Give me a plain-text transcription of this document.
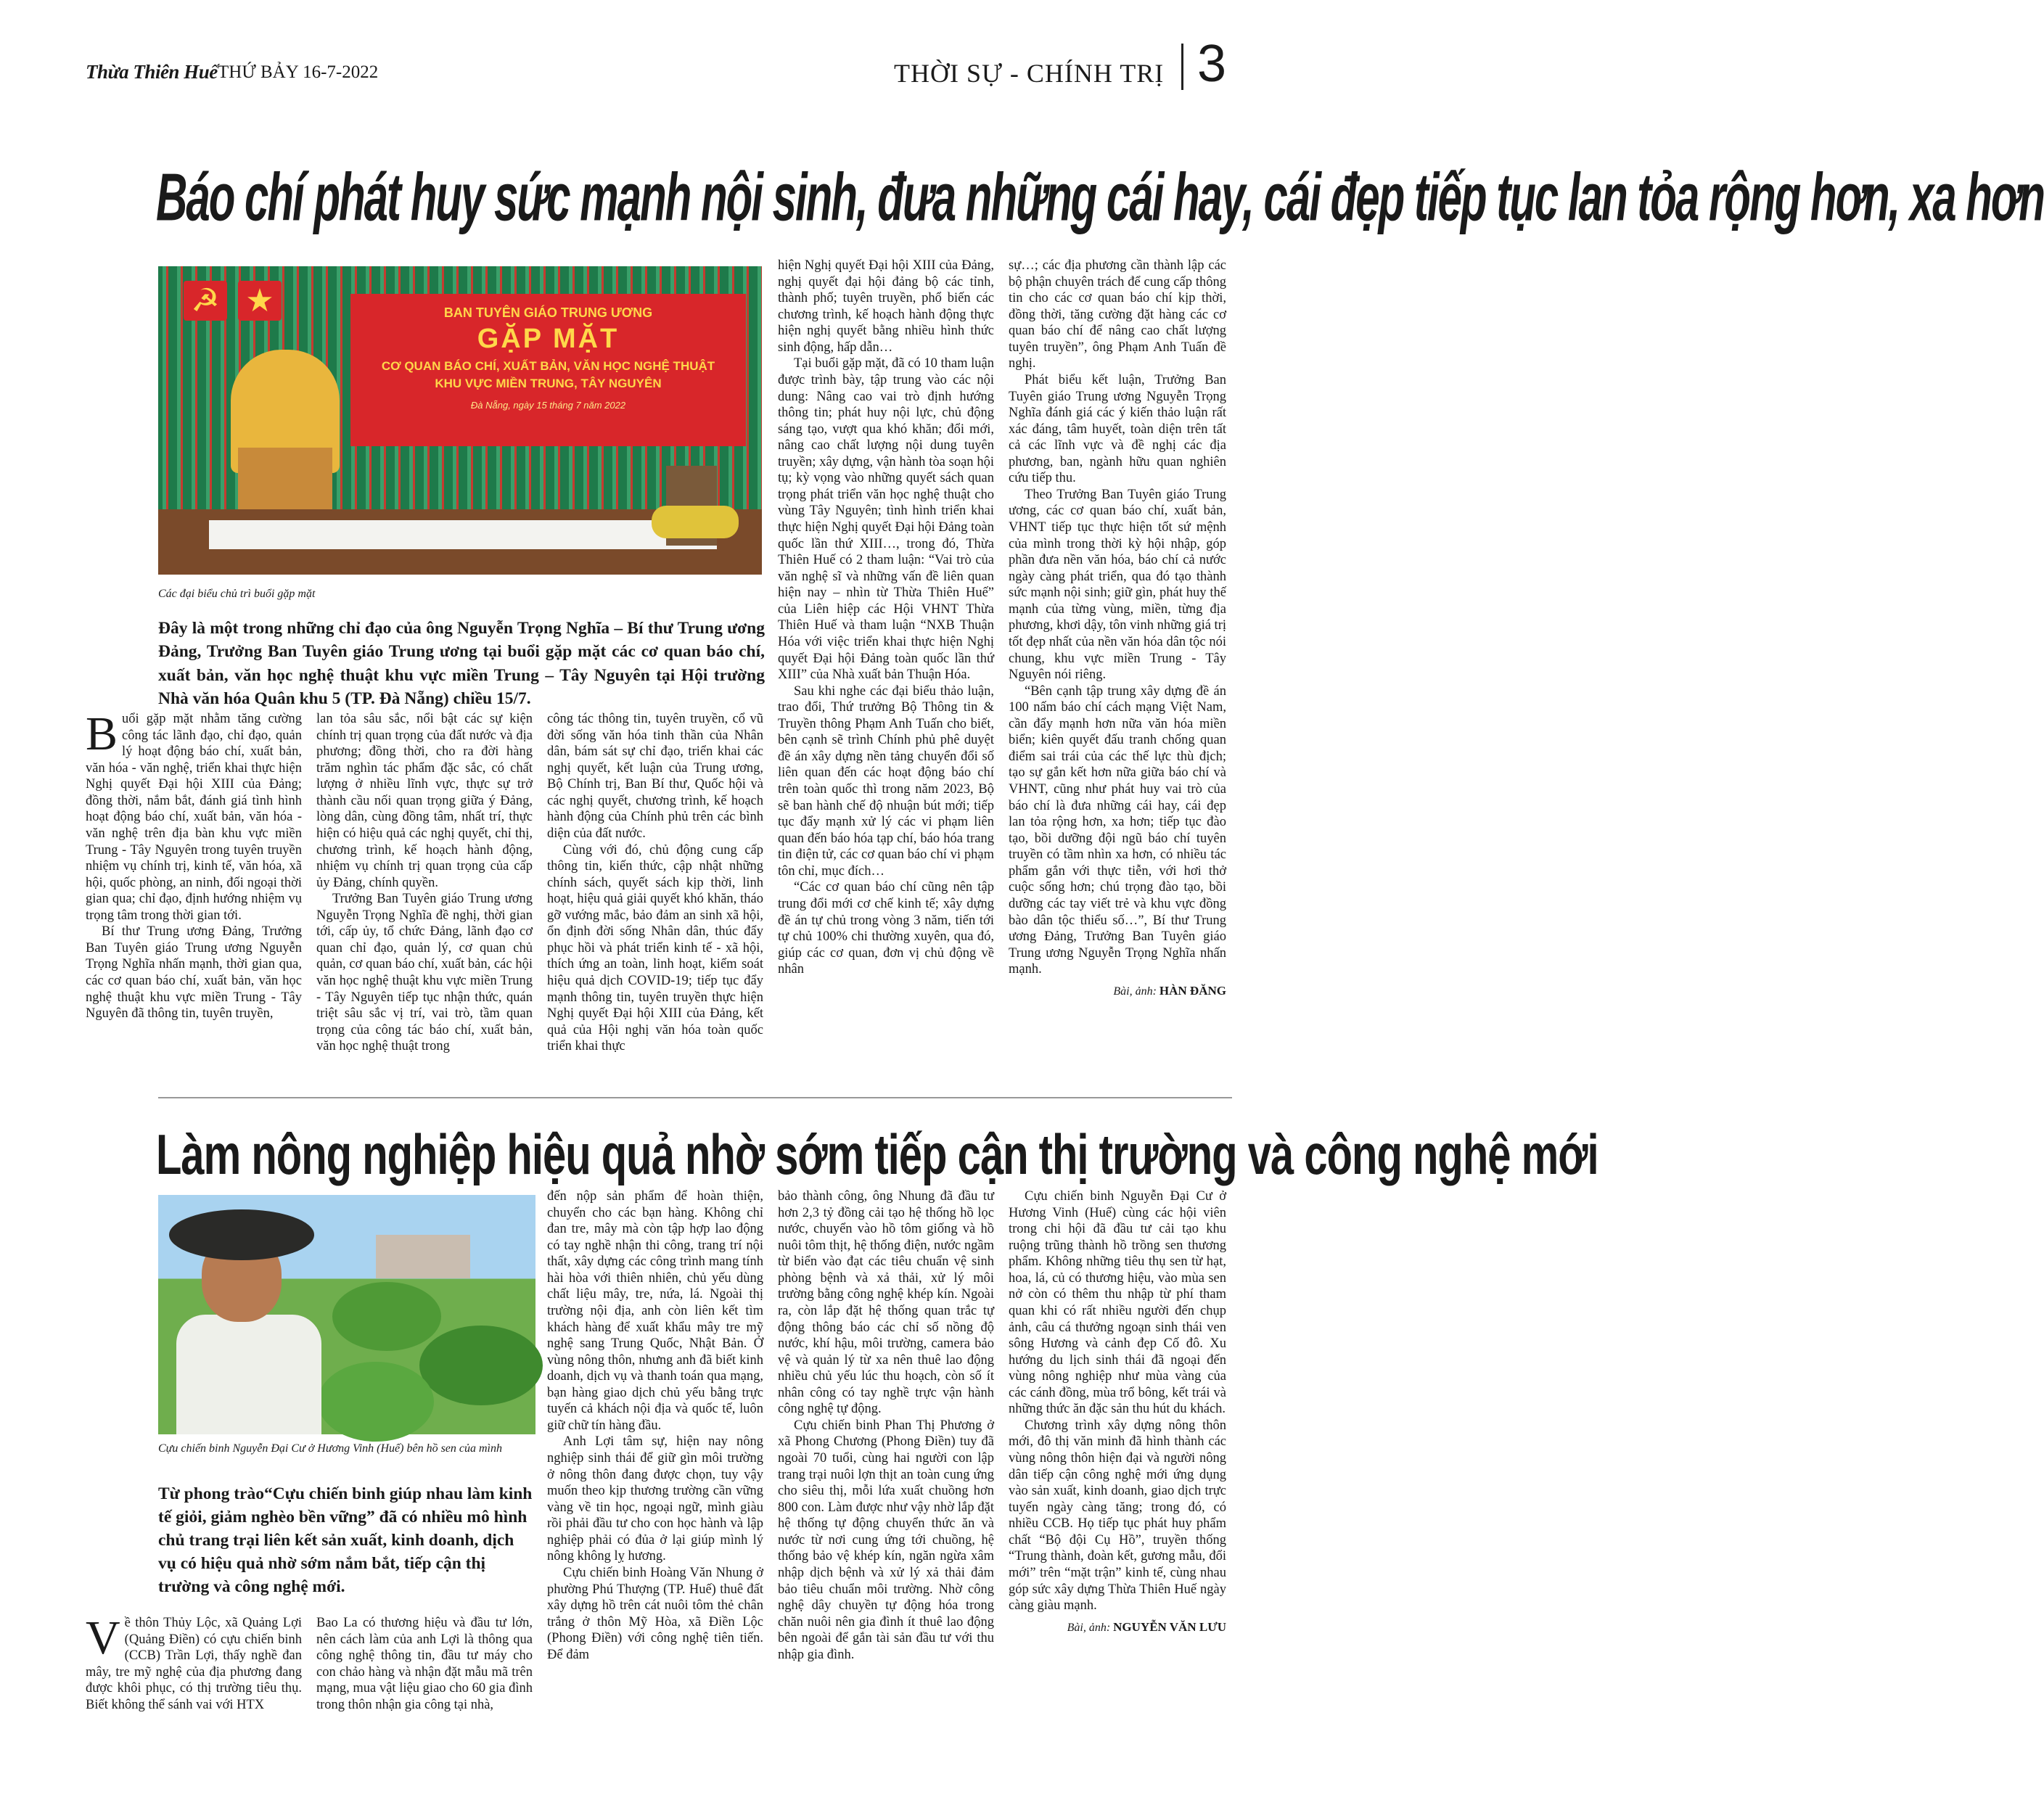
Thừa Thiên Huế THỨ BẢY 16-7-2022	THỜI SỰ - CHÍNH TRỊ 3
Báo chí phát huy sức mạnh nội sinh, đưa những cái hay, cái đẹp tiếp tục lan tỏa rộng hơn, xa hơn
☭ ★	BAN TUYÊN GIÁO TRUNG ƯƠNG
GẶP MẶT
CƠ QUAN BÁO CHÍ, XUẤT BẢN, VĂN HỌC NGHỆ THUẬT
KHU VỰC MIỀN TRUNG, TÂY NGUYÊN
Đà Nẵng, ngày 15 tháng 7 năm 2022
Các đại biểu chủ trì buổi gặp mặt
Đây là một trong những chỉ đạo của ông Nguyễn Trọng Nghĩa – Bí thư Trung ương Đảng, Trưởng Ban Tuyên giáo Trung ương tại buổi gặp mặt các cơ quan báo chí, xuất bản, văn học nghệ thuật khu vực miền Trung – Tây Nguyên tại Hội trường Nhà văn hóa Quân khu 5 (TP. Đà Nẵng) chiều 15/7.

Buổi gặp mặt nhằm tăng cường công tác lãnh đạo, chỉ đạo, quản lý hoạt động báo chí, xuất bản, văn hóa - văn nghệ, triển khai thực hiện Nghị quyết Đại hội XIII của Đảng; đồng thời, nắm bắt, đánh giá tình hình hoạt động báo chí, xuất bản, văn hóa - văn nghệ trên địa bàn khu vực miền Trung - Tây Nguyên trong tuyên truyền nhiệm vụ chính trị, kinh tế, văn hóa, xã hội, quốc phòng, an ninh, đối ngoại thời gian qua; chỉ đạo, định hướng nhiệm vụ trọng tâm trong thời gian tới.

Bí thư Trung ương Đảng, Trưởng Ban Tuyên giáo Trung ương Nguyễn Trọng Nghĩa nhấn mạnh, thời gian qua, các cơ quan báo chí, xuất bản, văn học nghệ thuật khu vực miền Trung - Tây Nguyên đã thông tin, tuyên truyền,

lan tỏa sâu sắc, nổi bật các sự kiện chính trị quan trọng của đất nước và địa phương; đồng thời, cho ra đời hàng trăm nghìn tác phẩm đặc sắc, có chất lượng ở nhiều lĩnh vực, thực sự trở thành cầu nối quan trọng giữa ý Đảng, lòng dân, cùng đồng tâm, nhất trí, thực hiện có hiệu quả các nghị quyết, chỉ thị, chương trình, kế hoạch hành động, nhiệm vụ chính trị quan trọng của cấp ủy Đảng, chính quyền.

Trưởng Ban Tuyên giáo Trung ương Nguyễn Trọng Nghĩa đề nghị, thời gian tới, cấp ủy, tổ chức Đảng, lãnh đạo cơ quan chỉ đạo, quản lý, cơ quan chủ quản, cơ quan báo chí, xuất bản, các hội văn học nghệ thuật khu vực miền Trung - Tây Nguyên tiếp tục nhận thức, quán triệt sâu sắc vị trí, vai trò, tầm quan trọng của công tác báo chí, xuất bản, văn học nghệ thuật trong

công tác thông tin, tuyên truyền, cổ vũ đời sống văn hóa tinh thần của Nhân dân, bám sát sự chỉ đạo, triển khai các nghị quyết, kết luận của Trung ương, Bộ Chính trị, Ban Bí thư, Quốc hội và các nghị quyết, chương trình, kế hoạch hành động của Chính phủ trên các bình diện của đất nước.

Cùng với đó, chủ động cung cấp thông tin, kiến thức, cập nhật những chính sách, quyết sách kịp thời, linh hoạt, hiệu quả giải quyết khó khăn, tháo gỡ vướng mắc, bảo đảm an sinh xã hội, ổn định đời sống Nhân dân, thúc đẩy phục hồi và phát triển kinh tế - xã hội, thích ứng an toàn, linh hoạt, kiểm soát hiệu quả dịch COVID-19; tiếp tục đẩy mạnh thông tin, tuyên truyền thực hiện Nghị quyết Đại hội XIII của Đảng, kết quả của Hội nghị văn hóa toàn quốc triển khai thực

hiện Nghị quyết Đại hội XIII của Đảng, nghị quyết đại hội đảng bộ các tỉnh, thành phố; tuyên truyền, phổ biến các chương trình, kế hoạch hành động thực hiện nghị quyết bằng nhiều hình thức sinh động, hấp dẫn…

Tại buổi gặp mặt, đã có 10 tham luận được trình bày, tập trung vào các nội dung: Nâng cao vai trò định hướng thông tin; phát huy nội lực, chủ động sáng tạo, vượt qua khó khăn; đổi mới, nâng cao chất lượng nội dung tuyên truyền; xây dựng, vận hành tòa soạn hội tụ; kỳ vọng vào những quyết sách quan trọng phát triển văn học nghệ thuật cho vùng Tây Nguyên; tình hình triển khai thực hiện Nghị quyết Đại hội Đảng toàn quốc lần thứ XIII…, trong đó, Thừa Thiên Huế có 2 tham luận: “Vai trò của văn nghệ sĩ và những vấn đề liên quan hiện nay – nhìn từ Thừa Thiên Huế” của Liên hiệp các Hội VHNT Thừa Thiên Huế và tham luận “NXB Thuận Hóa với việc triển khai thực hiện Nghị quyết Đại hội Đảng toàn quốc lần thứ XIII” của Nhà xuất bản Thuận Hóa.

Sau khi nghe các đại biểu thảo luận, trao đổi, Thứ trưởng Bộ Thông tin & Truyền thông Phạm Anh Tuấn cho biết, bên cạnh sẽ trình Chính phủ phê duyệt đề án xây dựng nền tảng chuyển đổi số liên quan đến các hoạt động báo chí trên toàn quốc thì trong năm 2023, Bộ sẽ ban hành chế độ nhuận bút mới; tiếp tục đẩy mạnh xử lý các vi phạm liên quan đến báo hóa tạp chí, báo hóa trang tin điện tử, các cơ quan báo chí vi phạm tôn chỉ, mục đích…

“Các cơ quan báo chí cũng nên tập trung đổi mới cơ chế kinh tế; xây dựng đề án tự chủ trong vòng 3 năm, tiến tới tự chủ 100% chi thường xuyên, qua đó, giúp các cơ quan, đơn vị chủ động về nhân

sự…; các địa phương cần thành lập các bộ phận chuyên trách để cung cấp thông tin cho các cơ quan báo chí kịp thời, đồng thời, tăng cường đặt hàng các cơ quan báo chí để nâng cao chất lượng tuyên truyền”, ông Phạm Anh Tuấn đề nghị.

Phát biểu kết luận, Trưởng Ban Tuyên giáo Trung ương Nguyễn Trọng Nghĩa đánh giá các ý kiến thảo luận rất xác đáng, tâm huyết, toàn diện trên tất cả các lĩnh vực và đề nghị các địa phương, ban, ngành hữu quan nghiên cứu tiếp thu.

Theo Trưởng Ban Tuyên giáo Trung ương, các cơ quan báo chí, xuất bản, VHNT tiếp tục thực hiện tốt sứ mệnh của mình trong thời kỳ hội nhập, góp phần đưa nền văn hóa, báo chí cả nước ngày càng phát triển, qua đó tạo thành sức mạnh nội sinh; giữ gìn, phát huy thế mạnh của từng vùng, miền, từng địa phương, khơi dậy, tôn vinh những giá trị tốt đẹp nhất của nền văn hóa dân tộc nói chung, khu vực miền Trung - Tây Nguyên nói riêng.

“Bên cạnh tập trung xây dựng đề án 100 nấm báo chí cách mạng Việt Nam, cần đẩy mạnh hơn nữa văn hóa miền biển; kiên quyết đấu tranh chống quan điểm sai trái của các thế lực thù địch; tạo sự gắn kết hơn nữa giữa báo chí và VHNT, cũng như phát huy vai trò của báo chí là đưa những cái hay, cái đẹp lan tỏa rộng hơn, xa hơn; tiếp tục đào tạo, bồi dưỡng đội ngũ báo chí tuyên truyền có tầm nhìn xa hơn, có nhiều tác phẩm gắn với thực tiễn, với hơi thở cuộc sống hơn; chú trọng đào tạo, bồi dưỡng các tay viết trẻ và khu vực đồng bào dân tộc thiểu số…”, Bí thư Trung ương Đảng, Trưởng Ban Tuyên giáo Trung ương Nguyễn Trọng Nghĩa nhấn mạnh.

Bài, ảnh: HÀN ĐĂNG
Làm nông nghiệp hiệu quả nhờ sớm tiếp cận thị trường và công nghệ mới
Cựu chiến binh Nguyễn Đại Cư ở Hương Vinh (Huế) bên hồ sen của mình
Từ phong trào“Cựu chiến binh giúp nhau làm kinh tế giỏi, giảm nghèo bền vững” đã có nhiều mô hình chủ trang trại liên kết sản xuất, kinh doanh, dịch vụ có hiệu quả nhờ sớm nắm bắt, tiếp cận thị trường và công nghệ mới.

Về thôn Thủy Lộc, xã Quảng Lợi (Quảng Điền) có cựu chiến binh (CCB) Trần Lợi, thấy nghề đan mây, tre mỹ nghệ của địa phương đang được khôi phục, có thị trường tiêu thụ. Biết không thể sánh vai với HTX

Bao La có thương hiệu và đầu tư lớn, nên cách làm của anh Lợi là thông qua công nghệ thông tin, đầu tư máy cho con chảo hàng và nhận đặt mẫu mã trên mạng, mua vật liệu giao cho 60 gia đình trong thôn nhận gia công tại nhà,

đến nộp sản phẩm để hoàn thiện, chuyển cho các bạn hàng. Không chỉ đan tre, mây mà còn tập hợp lao động có tay nghề nhận thi công, trang trí nội thất, xây dựng các công trình mang tính hài hòa với thiên nhiên, chủ yếu dùng chất liệu mây, tre, nứa, lá. Ngoài thị trường nội địa, anh còn liên kết tìm khách hàng để xuất khẩu mây tre mỹ nghệ sang Trung Quốc, Nhật Bản. Ở vùng nông thôn, nhưng anh đã biết kinh doanh, dịch vụ và thanh toán qua mạng, bạn hàng giao dịch chủ yếu bằng trực tuyến cả khách nội địa và quốc tế, luôn giữ chữ tín hàng đầu.

Anh Lợi tâm sự, hiện nay nông nghiệp sinh thái để giữ gìn môi trường ở nông thôn đang được chọn, tuy vậy muốn theo kịp thương trường cần vững vàng về tin học, ngoại ngữ, mình giàu rồi phải đầu tư cho con học hành và lập nghiệp phải có đủa ở lại giúp mình lý nông không lỵ hương.

Cựu chiến binh Hoàng Văn Nhung ở phường Phú Thượng (TP. Huế) thuê đất xây dựng hồ trên cát nuôi tôm thẻ chân trắng ở thôn Mỹ Hòa, xã Điền Lộc (Phong Điền) với công nghệ tiên tiến. Để đảm

bảo thành công, ông Nhung đã đầu tư hơn 2,3 tỷ đồng cải tạo hệ thống hồ lọc nước, chuyển vào hồ tôm giống và hồ nuôi tôm thịt, hệ thống điện, nước ngầm từ biển vào đạt các tiêu chuẩn vệ sinh phòng bệnh và xả thải, xử lý môi trường bằng công nghệ khép kín. Ngoài ra, còn lắp đặt hệ thống quan trắc tự động thông báo các chỉ số nồng độ nước, khí hậu, môi trường, camera bảo vệ và quản lý từ xa nên thuê lao động nhiều chủ yếu lúc thu hoạch, còn số ít nhân công có tay nghề trực vận hành công nghệ tự động.

Cựu chiến binh Phan Thị Phương ở xã Phong Chương (Phong Điền) tuy đã ngoài 70 tuổi, cùng hai người con lập trang trại nuôi lợn thịt an toàn cung ứng cho siêu thị, mỗi lứa xuất chuồng hơn 800 con. Làm được như vậy nhờ lắp đặt hệ thống tự động chuyển thức ăn và nước từ nơi cung ứng tới chuồng, hệ thống bảo vệ khép kín, ngăn ngừa xâm nhập dịch bệnh và xử lý xả thải đảm bảo tiêu chuẩn môi trường. Nhờ công nghệ dây chuyền tự động hóa trong chăn nuôi nên gia đình ít thuê lao động bên ngoài để gắn tài sản đầu tư với thu nhập gia đình.

Cựu chiến binh Nguyễn Đại Cư ở Hương Vinh (Huế) cùng các hội viên trong chi hội đã đầu tư cải tạo khu ruộng trũng thành hồ trồng sen thương phẩm. Không những tiêu thụ sen từ hạt, hoa, lá, củ có thương hiệu, vào mùa sen nở còn có thêm thu nhập từ phí tham quan khi có rất nhiều người đến chụp ảnh, câu cá thưởng ngoạn sinh thái ven sông Hương và cảnh đẹp Cố đô. Xu hướng du lịch sinh thái đã ngoại đến vùng nông nghiệp như mùa vàng của các cánh đồng, mùa trổ bông, kết trái và những thức ăn đặc sản thu hút du khách.

Chương trình xây dựng nông thôn mới, đô thị văn minh đã hình thành các vùng nông thôn hiện đại và người nông dân tiếp cận công nghệ mới ứng dụng vào sản xuất, kinh doanh, giao dịch trực tuyến ngày càng tăng; trong đó, có nhiều CCB. Họ tiếp tục phát huy phẩm chất “Bộ đội Cụ Hồ”, truyền thống “Trung thành, đoàn kết, gương mẫu, đổi mới” trên “mặt trận” kinh tế, cùng nhau góp sức xây dựng Thừa Thiên Huế ngày càng giàu mạnh.

Bài, ảnh: NGUYỄN VĂN LƯU
